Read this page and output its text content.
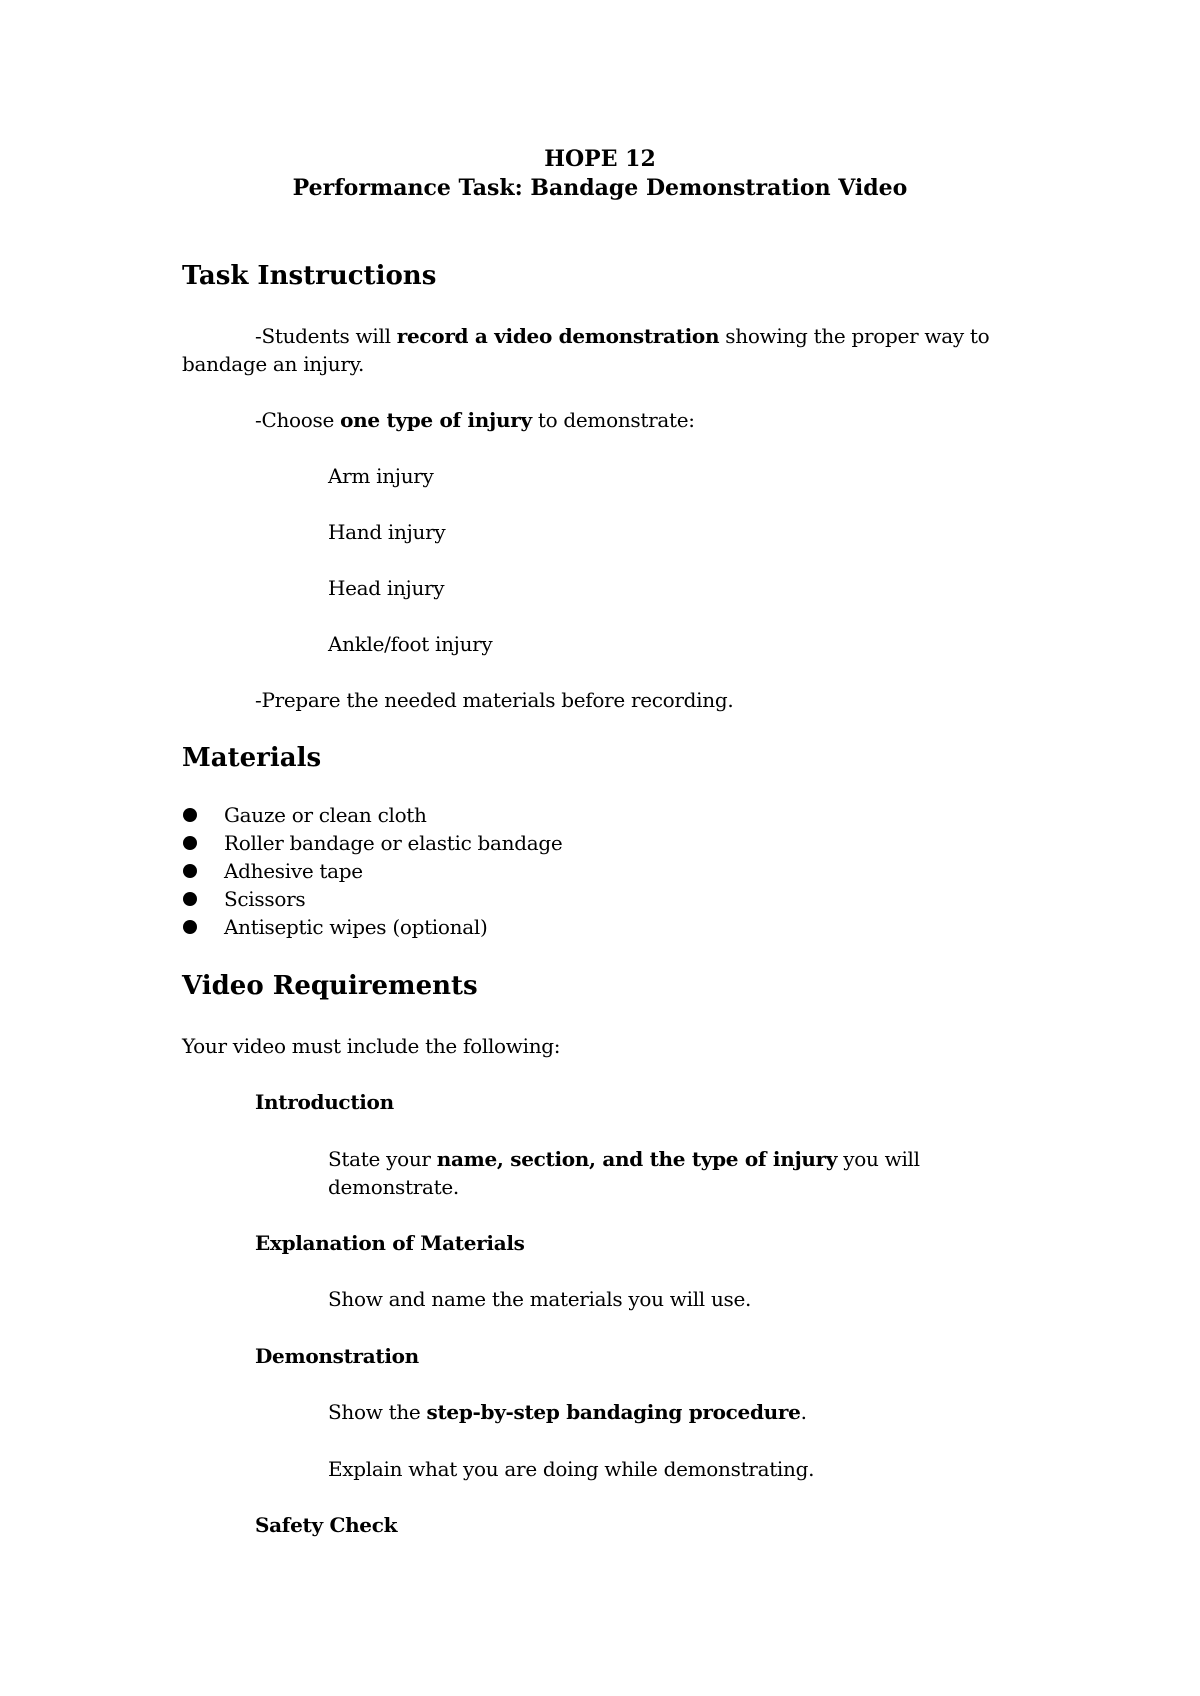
HOPE 12
Performance Task: Bandage Demonstration Video
Task Instructions
-Students will record a video demonstration showing the proper way to
bandage an injury.
-Choose one type of injury to demonstrate:
Arm injury
Hand injury
Head injury
Ankle/foot injury
-Prepare the needed materials before recording.
Materials
Gauze or clean cloth
Roller bandage or elastic bandage
Adhesive tape
Scissors
Antiseptic wipes (optional)
Video Requirements
Your video must include the following:
Introduction
State your name, section, and the type of injury you will
demonstrate.
Explanation of Materials
Show and name the materials you will use.
Demonstration
Show the step-by-step bandaging procedure.
Explain what you are doing while demonstrating.
Safety Check
